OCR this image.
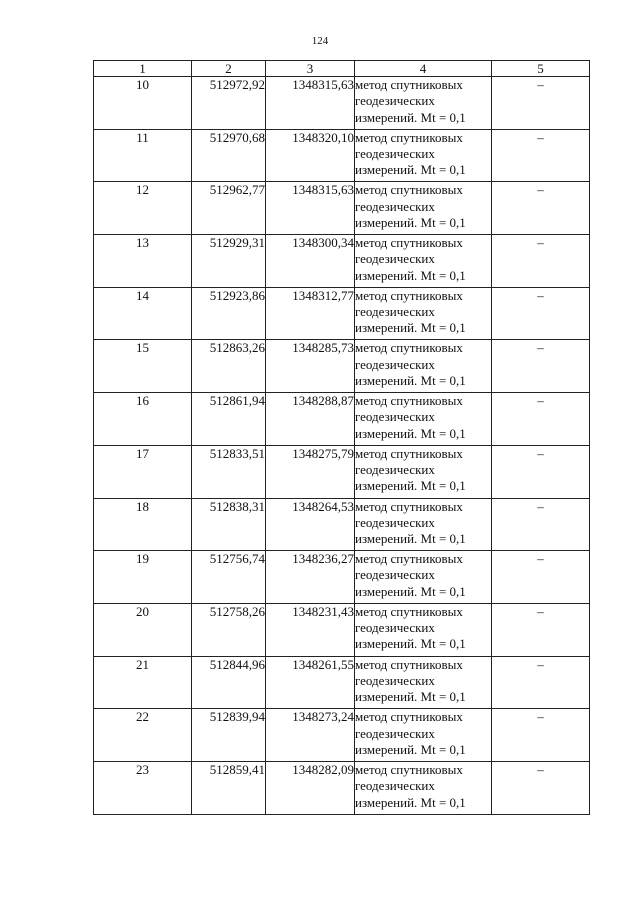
124
1	2	3	4	5
10	512972,92	1348315,63	метод спутниковых
геодезических
измерений. Mt = 0,1	–
11	512970,68	1348320,10	метод спутниковых
геодезических
измерений. Mt = 0,1	–
12	512962,77	1348315,63	метод спутниковых
геодезических
измерений. Mt = 0,1	–
13	512929,31	1348300,34	метод спутниковых
геодезических
измерений. Mt = 0,1	–
14	512923,86	1348312,77	метод спутниковых
геодезических
измерений. Mt = 0,1	–
15	512863,26	1348285,73	метод спутниковых
геодезических
измерений. Mt = 0,1	–
16	512861,94	1348288,87	метод спутниковых
геодезических
измерений. Mt = 0,1	–
17	512833,51	1348275,79	метод спутниковых
геодезических
измерений. Mt = 0,1	–
18	512838,31	1348264,53	метод спутниковых
геодезических
измерений. Mt = 0,1	–
19	512756,74	1348236,27	метод спутниковых
геодезических
измерений. Mt = 0,1	–
20	512758,26	1348231,43	метод спутниковых
геодезических
измерений. Mt = 0,1	–
21	512844,96	1348261,55	метод спутниковых
геодезических
измерений. Mt = 0,1	–
22	512839,94	1348273,24	метод спутниковых
геодезических
измерений. Mt = 0,1	–
23	512859,41	1348282,09	метод спутниковых
геодезических
измерений. Mt = 0,1	–
